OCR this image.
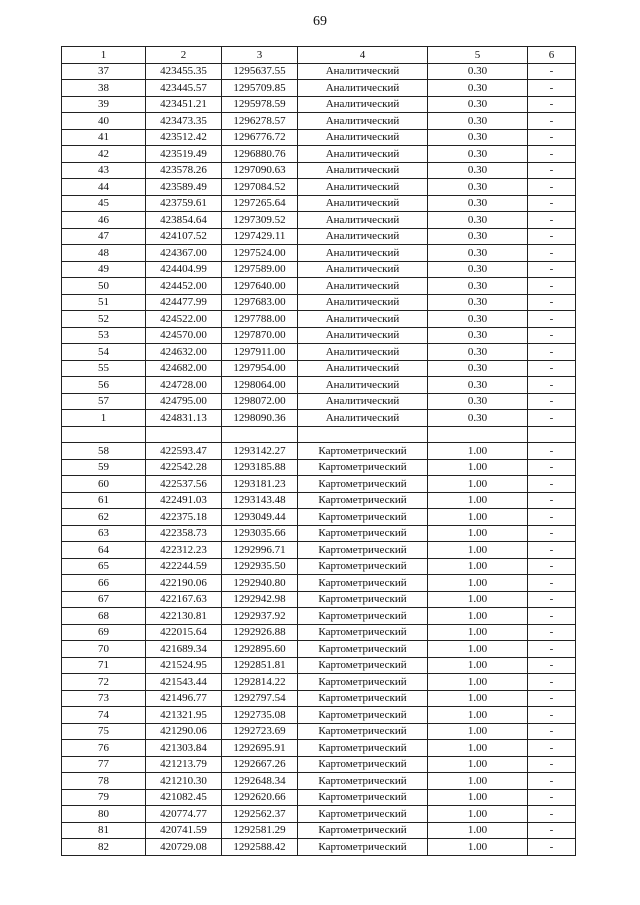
69
1	2	3	4	5	6
37	423455.35	1295637.55	Аналитический	0.30	-
38	423445.57	1295709.85	Аналитический	0.30	-
39	423451.21	1295978.59	Аналитический	0.30	-
40	423473.35	1296278.57	Аналитический	0.30	-
41	423512.42	1296776.72	Аналитический	0.30	-
42	423519.49	1296880.76	Аналитический	0.30	-
43	423578.26	1297090.63	Аналитический	0.30	-
44	423589.49	1297084.52	Аналитический	0.30	-
45	423759.61	1297265.64	Аналитический	0.30	-
46	423854.64	1297309.52	Аналитический	0.30	-
47	424107.52	1297429.11	Аналитический	0.30	-
48	424367.00	1297524.00	Аналитический	0.30	-
49	424404.99	1297589.00	Аналитический	0.30	-
50	424452.00	1297640.00	Аналитический	0.30	-
51	424477.99	1297683.00	Аналитический	0.30	-
52	424522.00	1297788.00	Аналитический	0.30	-
53	424570.00	1297870.00	Аналитический	0.30	-
54	424632.00	1297911.00	Аналитический	0.30	-
55	424682.00	1297954.00	Аналитический	0.30	-
56	424728.00	1298064.00	Аналитический	0.30	-
57	424795.00	1298072.00	Аналитический	0.30	-
1	424831.13	1298090.36	Аналитический	0.30	-

58	422593.47	1293142.27	Картометрический	1.00	-
59	422542.28	1293185.88	Картометрический	1.00	-
60	422537.56	1293181.23	Картометрический	1.00	-
61	422491.03	1293143.48	Картометрический	1.00	-
62	422375.18	1293049.44	Картометрический	1.00	-
63	422358.73	1293035.66	Картометрический	1.00	-
64	422312.23	1292996.71	Картометрический	1.00	-
65	422244.59	1292935.50	Картометрический	1.00	-
66	422190.06	1292940.80	Картометрический	1.00	-
67	422167.63	1292942.98	Картометрический	1.00	-
68	422130.81	1292937.92	Картометрический	1.00	-
69	422015.64	1292926.88	Картометрический	1.00	-
70	421689.34	1292895.60	Картометрический	1.00	-
71	421524.95	1292851.81	Картометрический	1.00	-
72	421543.44	1292814.22	Картометрический	1.00	-
73	421496.77	1292797.54	Картометрический	1.00	-
74	421321.95	1292735.08	Картометрический	1.00	-
75	421290.06	1292723.69	Картометрический	1.00	-
76	421303.84	1292695.91	Картометрический	1.00	-
77	421213.79	1292667.26	Картометрический	1.00	-
78	421210.30	1292648.34	Картометрический	1.00	-
79	421082.45	1292620.66	Картометрический	1.00	-
80	420774.77	1292562.37	Картометрический	1.00	-
81	420741.59	1292581.29	Картометрический	1.00	-
82	420729.08	1292588.42	Картометрический	1.00	-
